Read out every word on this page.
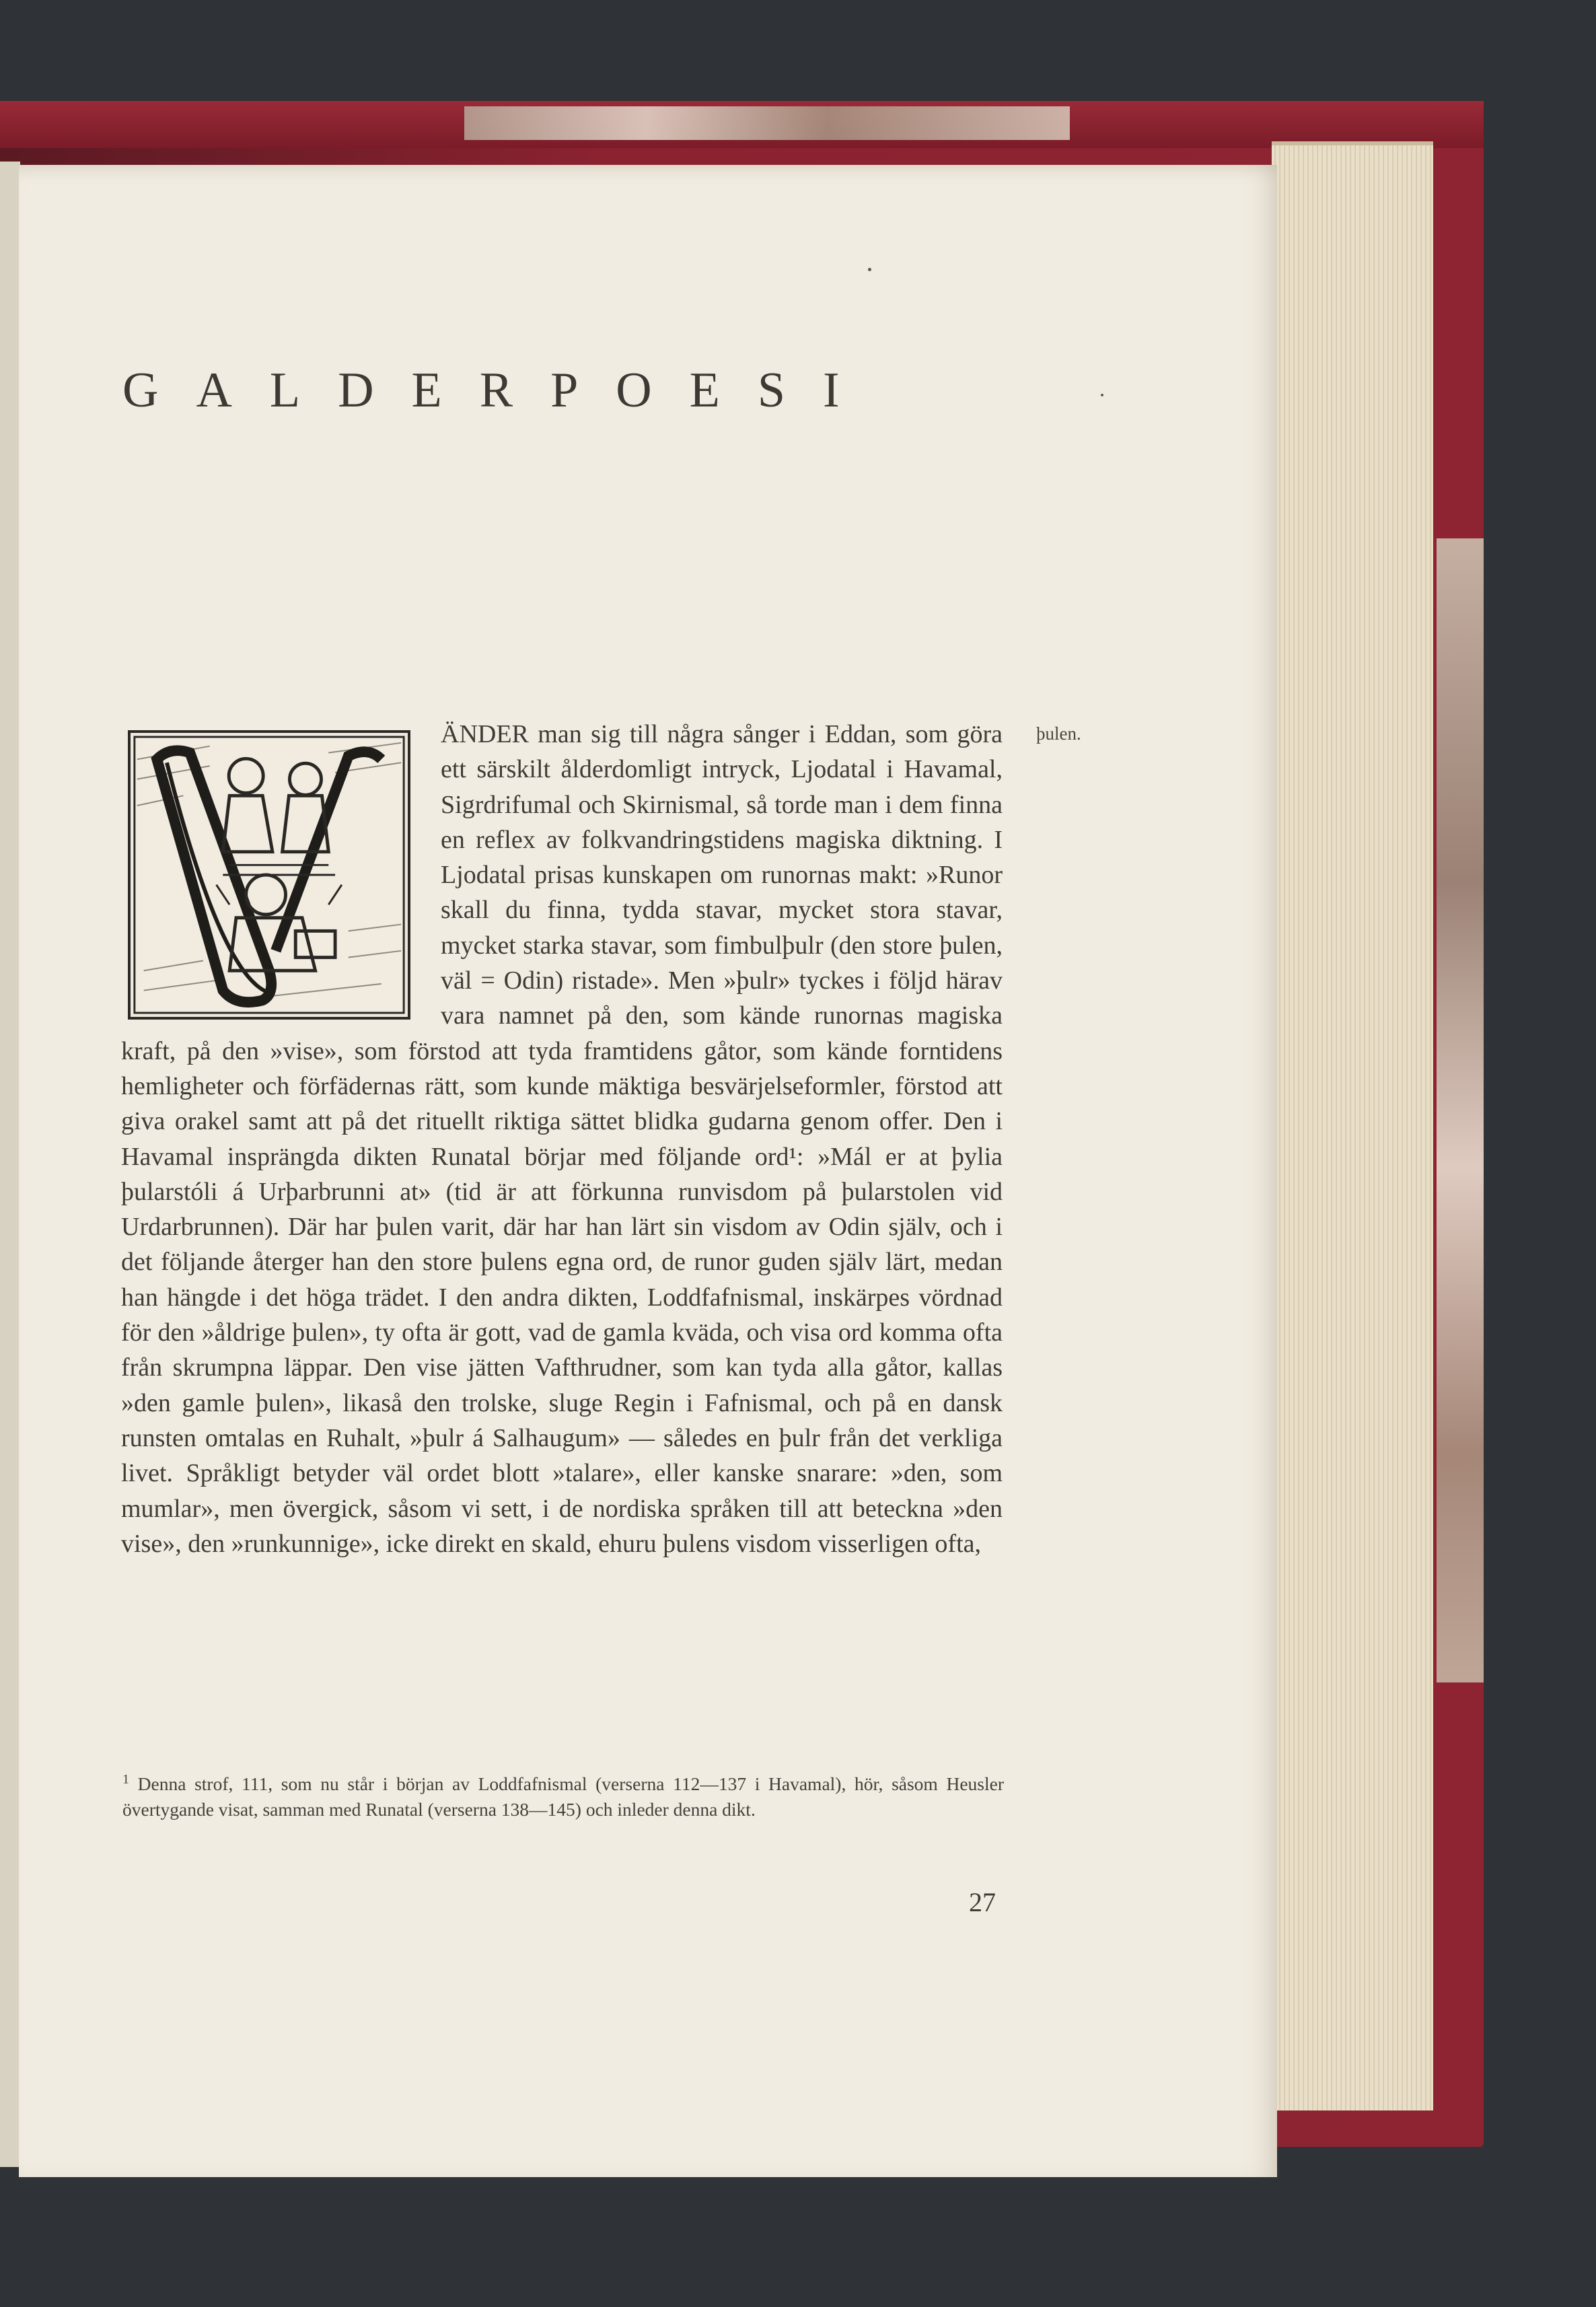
GALDERPOESI
þulen.

ÄNDER man sig till några sånger i Eddan, som göra ett särskilt ålderdomligt intryck, Ljodatal i Havamal, Sigrdrifumal och Skirnismal, så torde man i dem finna en reflex av folkvandringstidens magiska diktning. I Ljodatal prisas kunskapen om runornas makt: »Runor skall du finna, tydda stavar, mycket stora stavar, mycket starka stavar, som fimbulþulr (den store þulen, väl = Odin) ristade». Men »þulr» tyckes i följd härav vara namnet på den, som kände runornas magiska kraft, på den »vise», som förstod att tyda framtidens gåtor, som kände forntidens hemligheter och förfädernas rätt, som kunde mäktiga besvärjelseformler, förstod att giva orakel samt att på det rituellt riktiga sättet blidka gudarna genom offer. Den i Havamal insprängda dikten Runatal börjar med följande ord¹: »Mál er at þylia þularstóli á Urþarbrunni at» (tid är att förkunna runvisdom på þularstolen vid Urdarbrunnen). Där har þulen varit, där har han lärt sin visdom av Odin själv, och i det följande återger han den store þulens egna ord, de runor guden själv lärt, medan han hängde i det höga trädet. I den andra dikten, Loddfafnismal, inskärpes vördnad för den »åldrige þulen», ty ofta är gott, vad de gamla kväda, och visa ord komma ofta från skrumpna läppar. Den vise jätten Vafthrudner, som kan tyda alla gåtor, kallas »den gamle þulen», likaså den trolske, sluge Regin i Fafnismal, och på en dansk runsten omtalas en Ruhalt, »þulr á Salhaugum» — således en þulr från det verkliga livet. Språkligt betyder väl ordet blott »talare», eller kanske snarare: »den, som mumlar», men övergick, såsom vi sett, i de nordiska språken till att beteckna »den vise», den »runkunnige», icke direkt en skald, ehuru þulens visdom visserligen ofta,

$^1$ Denna strof, 111, som nu står i början av Loddfafnismal (verserna 112—137 i Havamal), hör, såsom Heusler övertygande visat, samman med Runatal (verserna 138—145) och inleder denna dikt.
27
